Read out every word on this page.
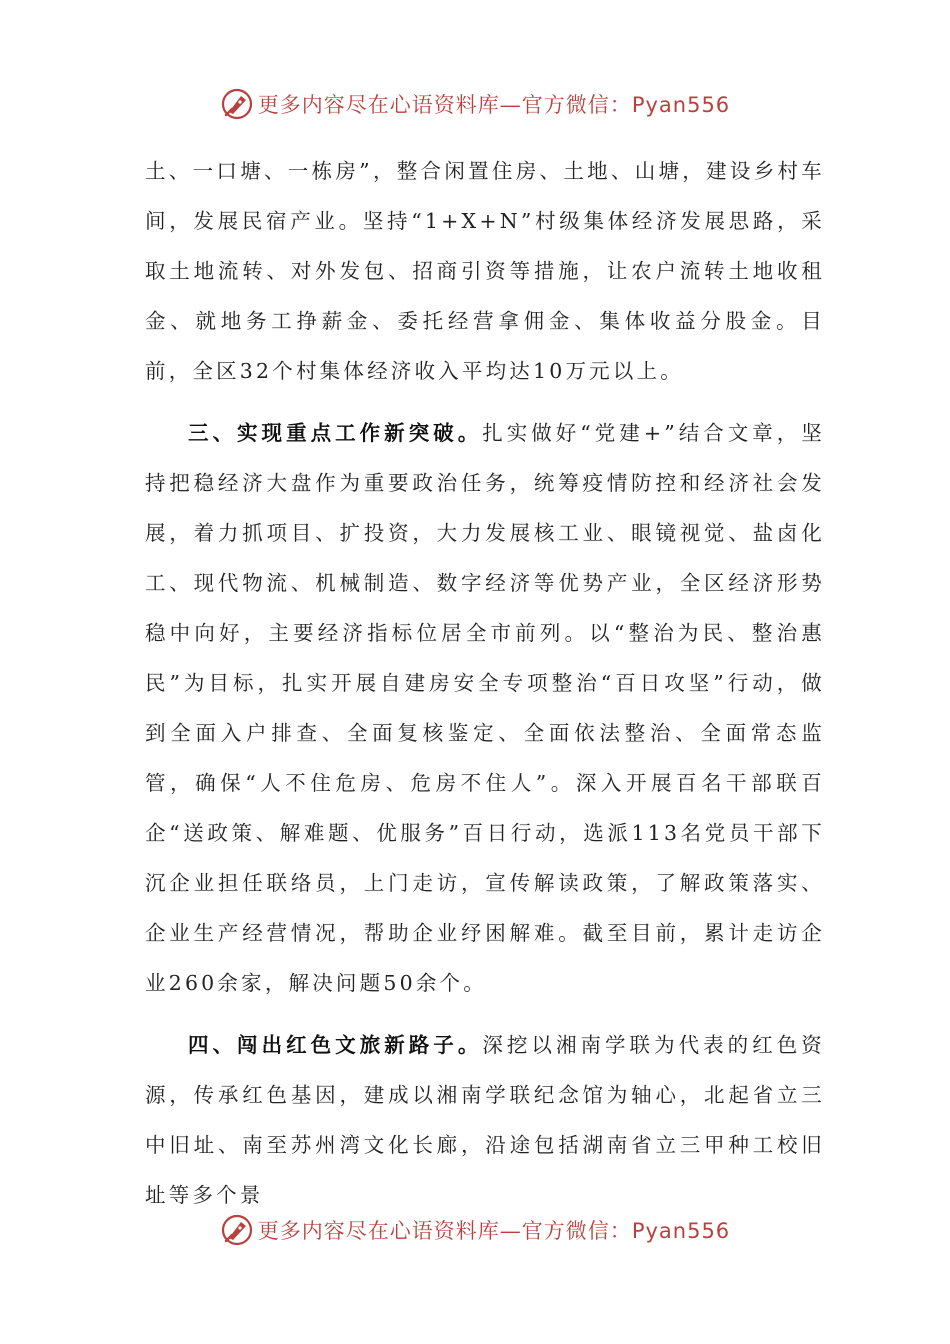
更多内容尽在心语资料库—官方微信：Pyan556

土、一口塘、一栋房”，整合闲置住房、土地、山塘，建设乡村车间，发展民宿产业。坚持“1+X+N”村级集体经济发展思路，采取土地流转、对外发包、招商引资等措施，让农户流转土地收租金、就地务工挣薪金、委托经营拿佣金、集体收益分股金。目前，全区32个村集体经济收入平均达10万元以上。

三、实现重点工作新突破。扎实做好“党建+”结合文章，坚持把稳经济大盘作为重要政治任务，统筹疫情防控和经济社会发展，着力抓项目、扩投资，大力发展核工业、眼镜视觉、盐卤化工、现代物流、机械制造、数字经济等优势产业，全区经济形势稳中向好，主要经济指标位居全市前列。以“整治为民、整治惠民”为目标，扎实开展自建房安全专项整治“百日攻坚”行动，做到全面入户排查、全面复核鉴定、全面依法整治、全面常态监管，确保“人不住危房、危房不住人”。深入开展百名干部联百企“送政策、解难题、优服务”百日行动，选派113名党员干部下沉企业担任联络员，上门走访，宣传解读政策，了解政策落实、企业生产经营情况，帮助企业纾困解难。截至目前，累计走访企业260余家，解决问题50余个。

四、闯出红色文旅新路子。深挖以湘南学联为代表的红色资源，传承红色基因，建成以湘南学联纪念馆为轴心，北起省立三中旧址、南至苏州湾文化长廊，沿途包括湖南省立三甲种工校旧址等多个景

更多内容尽在心语资料库—官方微信：Pyan556
